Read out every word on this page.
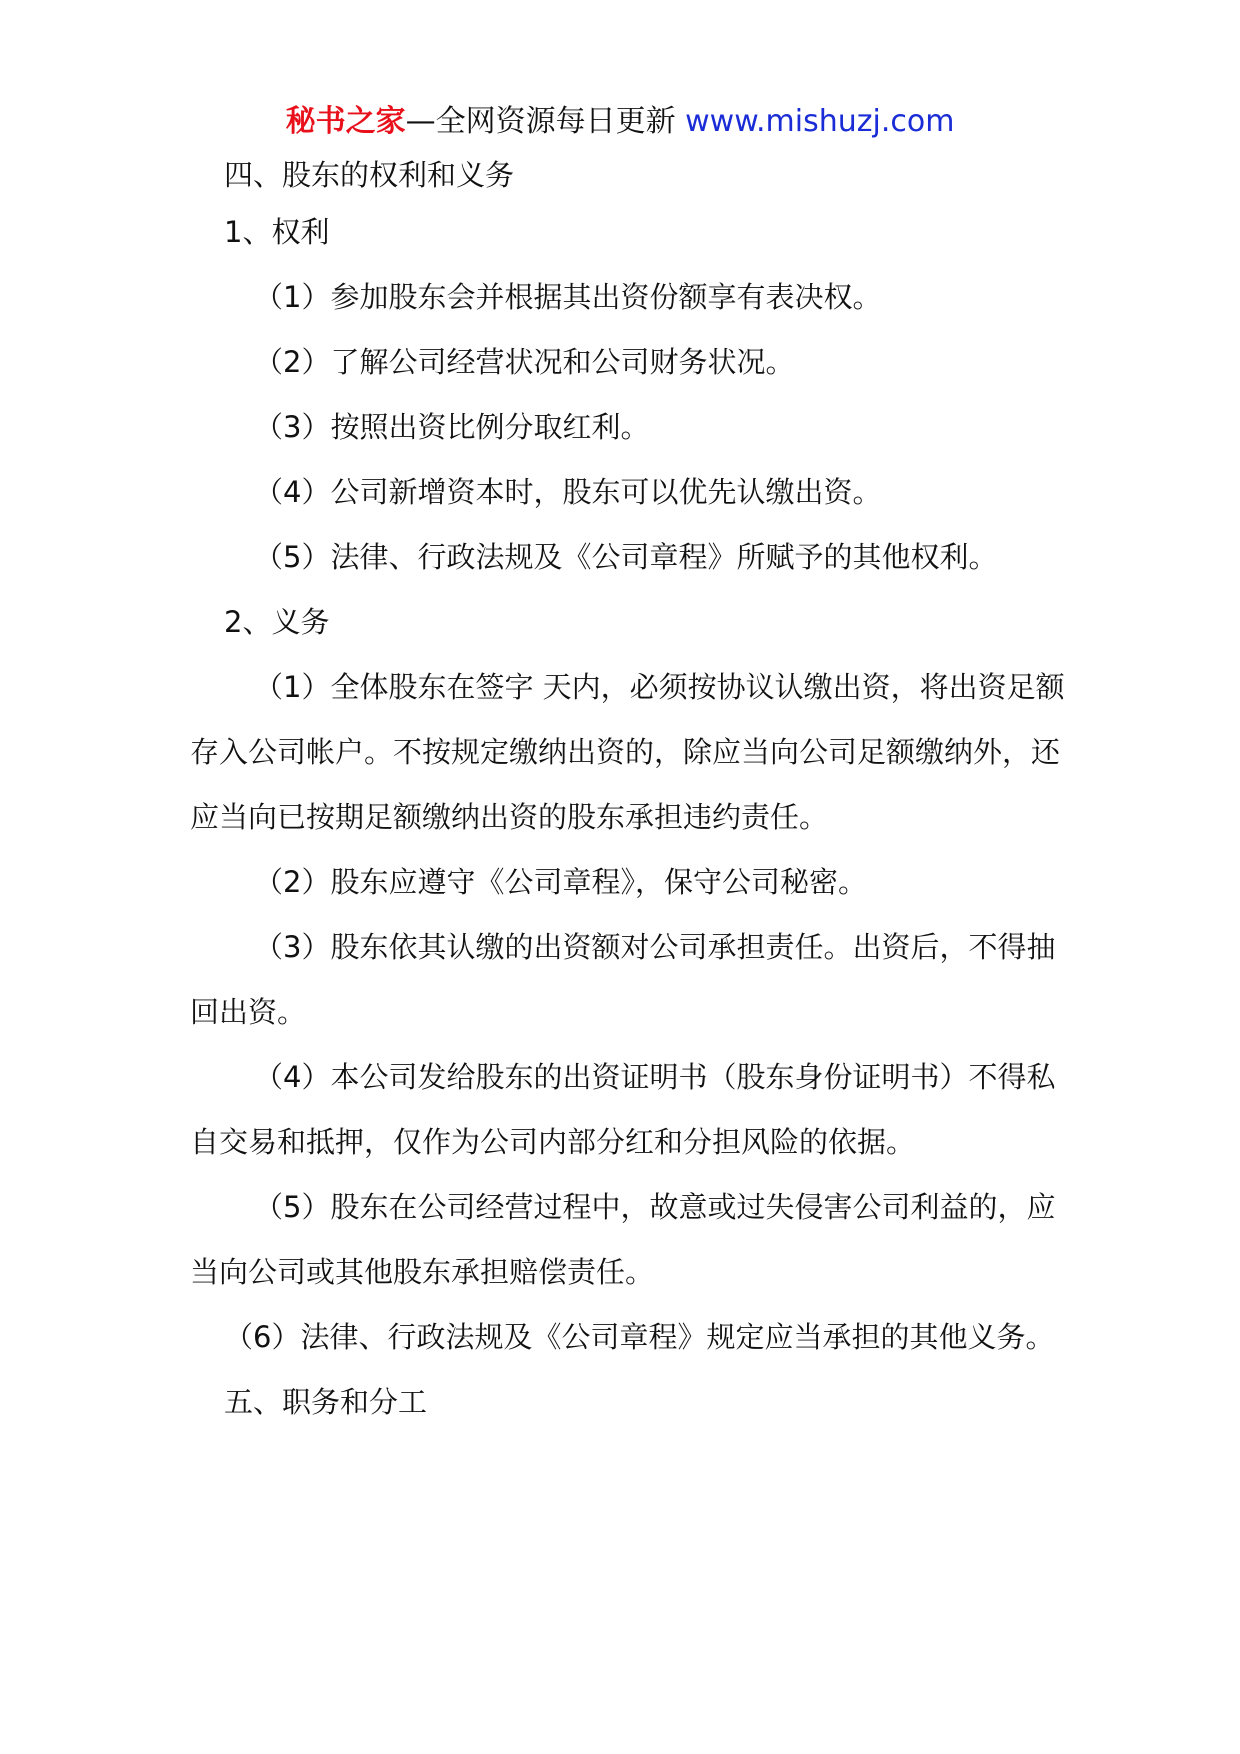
秘书之家—全网资源每日更新 www.mishuzj.com

四、股东的权利和义务

1、权利

（1）参加股东会并根据其出资份额享有表决权。

（2）了解公司经营状况和公司财务状况。

（3）按照出资比例分取红利。

（4）公司新增资本时，股东可以优先认缴出资。

（5）法律、行政法规及《公司章程》所赋予的其他权利。

2、义务

（1）全体股东在签字 天内，必须按协议认缴出资，将出资足额存入公司帐户。不按规定缴纳出资的，除应当向公司足额缴纳外，还应当向已按期足额缴纳出资的股东承担违约责任。

（2）股东应遵守《公司章程》，保守公司秘密。

（3）股东依其认缴的出资额对公司承担责任。出资后，不得抽回出资。

（4）本公司发给股东的出资证明书（股东身份证明书）不得私自交易和抵押，仅作为公司内部分红和分担风险的依据。

（5）股东在公司经营过程中，故意或过失侵害公司利益的，应当向公司或其他股东承担赔偿责任。

（6）法律、行政法规及《公司章程》规定应当承担的其他义务。

五、职务和分工
